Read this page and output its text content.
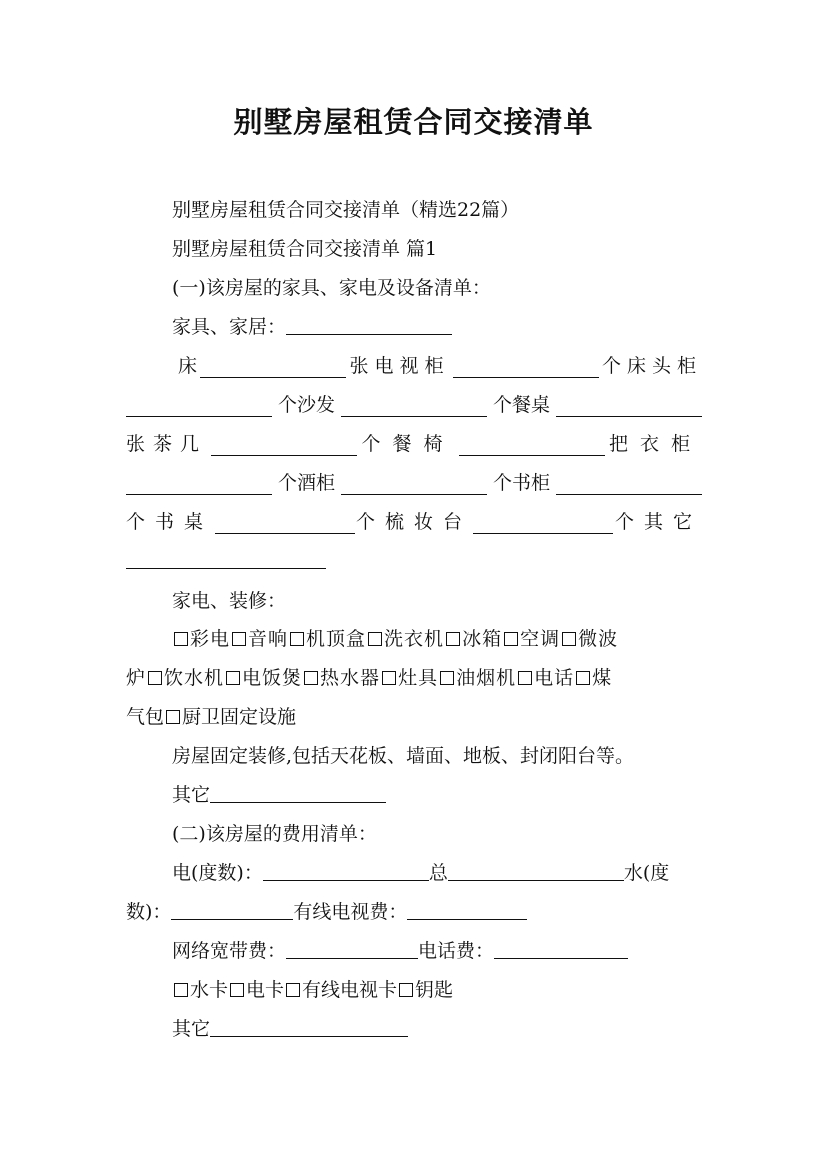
别墅房屋租赁合同交接清单

别墅房屋租赁合同交接清单（精选22篇）

别墅房屋租赁合同交接清单 篇1

(一)该房屋的家具、家电及设备清单：

家具、家居：

床	张电视柜	个床头柜

个沙发	个餐桌

张茶几	个餐椅	把衣柜

个酒柜	个书柜

个书桌	个梳妆台	个其它

家电、装修：

彩电 音响 机顶盒 洗衣机 冰箱 空调 微波

炉 饮水机 电饭煲 热水器 灶具 油烟机 电话 煤

气包 厨卫固定设施

房屋固定装修,包括天花板、墙面、地板、封闭阳台等。

其它

(二)该房屋的费用清单：

电(度数)：	总	水(度

数)：	有线电视费：

网络宽带费：	电话费：

水卡 电卡 有线电视卡 钥匙

其它
